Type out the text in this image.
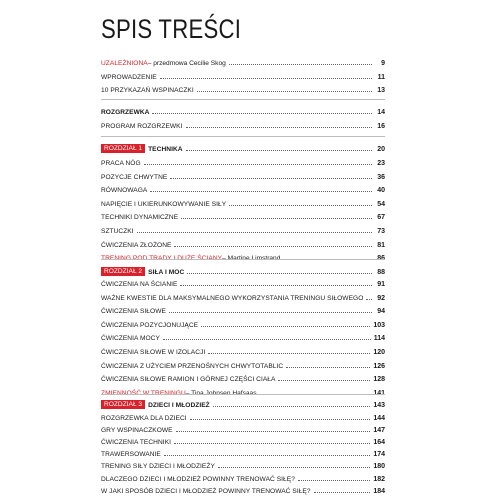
SPIS TREŚCI
UZALEŻNIONA – przedmowa Cecilie Skog	9
WPROWADZENIE	11
10 PRZYKAZAŃ WSPINACZKI	13
ROZGRZEWKA	14
PROGRAM ROZGRZEWKI	16
ROZDZIAŁ 1 TECHNIKA	20
PRACA NÓG	23
POZYCJE CHWYTNE	36
RÓWNOWAGA	40
NAPIĘCIE I UKIERUNKOWYWANIE SIŁY	54
TECHNIKI DYNAMICZNE	67
SZTUCZKI	73
ĆWICZENIA ZŁOŻONE	81
TRENING POD TRADY I DUŻE ŚCIANY – Martine Limstrand	86
ROZDZIAŁ 2 SIŁA I MOC	88
ĆWICZENIA NA ŚCIANIE	91
WAŻNE KWESTIE DLA MAKSYMALNEGO WYKORZYSTANIA TRENINGU SIŁOWEGO	92
ĆWICZENIA SIŁOWE	94
ĆWICZENIA POZYCJONUJĄCE	103
ĆWICZENIA MOCY	114
ĆWICZENIA SIŁOWE W IZOLACJI	120
ĆWICZENIA Z UŻYCIEM PRZENOŚNYCH CHWYTOTABLIC	126
ĆWICZENIA SIŁOWE RAMION I GÓRNEJ CZĘŚCI CIAŁA	128
ZMIENNOŚĆ W TRENINGU – Tina Johnsen Hafsaas	141
ROZDZIAŁ 3 DZIECI I MŁODZIEŻ	143
ROZGRZEWKA DLA DZIECI	144
GRY WSPINACZKOWE	147
ĆWICZENIA TECHNIKI	164
TRAWERSOWANIE	174
TRENING SIŁY DZIECI I MŁODZIEŻY	180
DLACZEGO DZIECI I MŁODZIEŻ POWINNY TRENOWAĆ SIŁĘ?	182
W JAKI SPOSÓB DZIECI I MŁODZIEŻ POWINNY TRENOWAĆ SIŁĘ?	184
